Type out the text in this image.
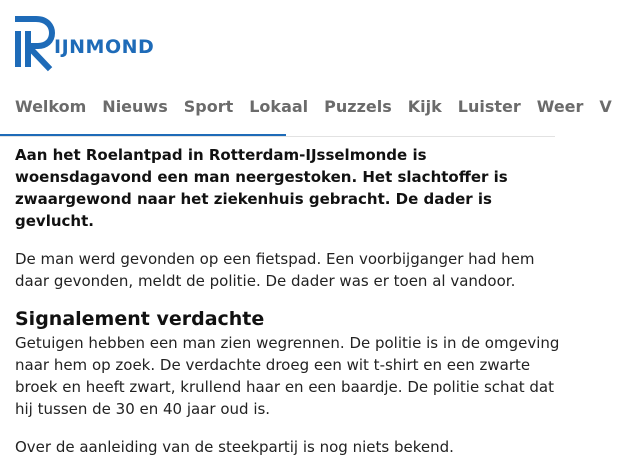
IJNMOND
Welkom Nieuws Sport Lokaal Puzzels Kijk Luister Weer V

Aan het Roelantpad in Rotterdam-IJsselmonde is woensdagavond een man neergestoken. Het slachtoffer is zwaargewond naar het ziekenhuis gebracht. De dader is gevlucht.

De man werd gevonden op een fietspad. Een voorbijganger had hem daar gevonden, meldt de politie. De dader was er toen al vandoor.

Signalement verdachte

Getuigen hebben een man zien wegrennen. De politie is in de omgeving naar hem op zoek. De verdachte droeg een wit t-shirt en een zwarte broek en heeft zwart, krullend haar en een baardje. De politie schat dat hij tussen de 30 en 40 jaar oud is.

Over de aanleiding van de steekpartij is nog niets bekend.
